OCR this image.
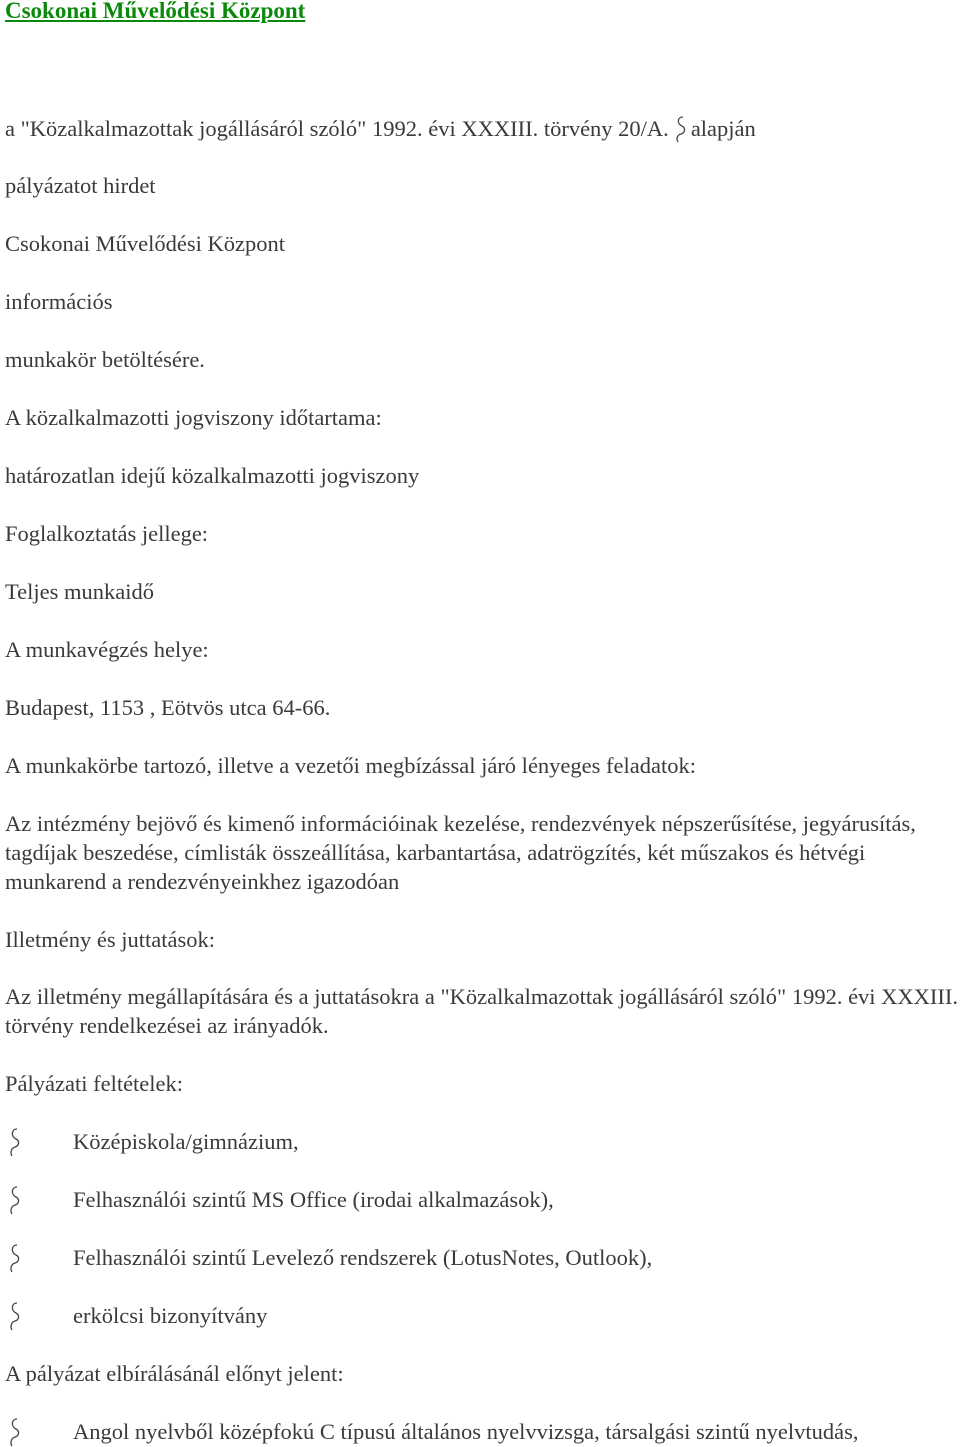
Csokonai Művelődési Központ
a "Közalkalmazottak jogállásáról szóló" 1992. évi XXXIII. törvény 20/A. alapján
pályázatot hirdet
Csokonai Művelődési Központ
információs
munkakör betöltésére.
A közalkalmazotti jogviszony időtartama:
határozatlan idejű közalkalmazotti jogviszony
Foglalkoztatás jellege:
Teljes munkaidő
A munkavégzés helye:
Budapest, 1153 , Eötvös utca 64-66.
A munkakörbe tartozó, illetve a vezetői megbízással járó lényeges feladatok:
Az intézmény bejövő és kimenő információinak kezelése, rendezvények népszerűsítése, jegyárusítás, tagdíjak beszedése, címlisták összeállítása, karbantartása, adatrögzítés, két műszakos és hétvégi munkarend a rendezvényeinkhez igazodóan
Illetmény és juttatások:
Az illetmény megállapítására és a juttatásokra a "Közalkalmazottak jogállásáról szóló" 1992. évi XXXIII. törvény rendelkezései az irányadók.
Pályázati feltételek:
Középiskola/gimnázium,
Felhasználói szintű MS Office (irodai alkalmazások),
Felhasználói szintű Levelező rendszerek (LotusNotes, Outlook),
erkölcsi bizonyítvány
A pályázat elbírálásánál előnyt jelent:
Angol nyelvből középfokú C típusú általános nyelvvizsga, társalgási szintű nyelvtudás,
